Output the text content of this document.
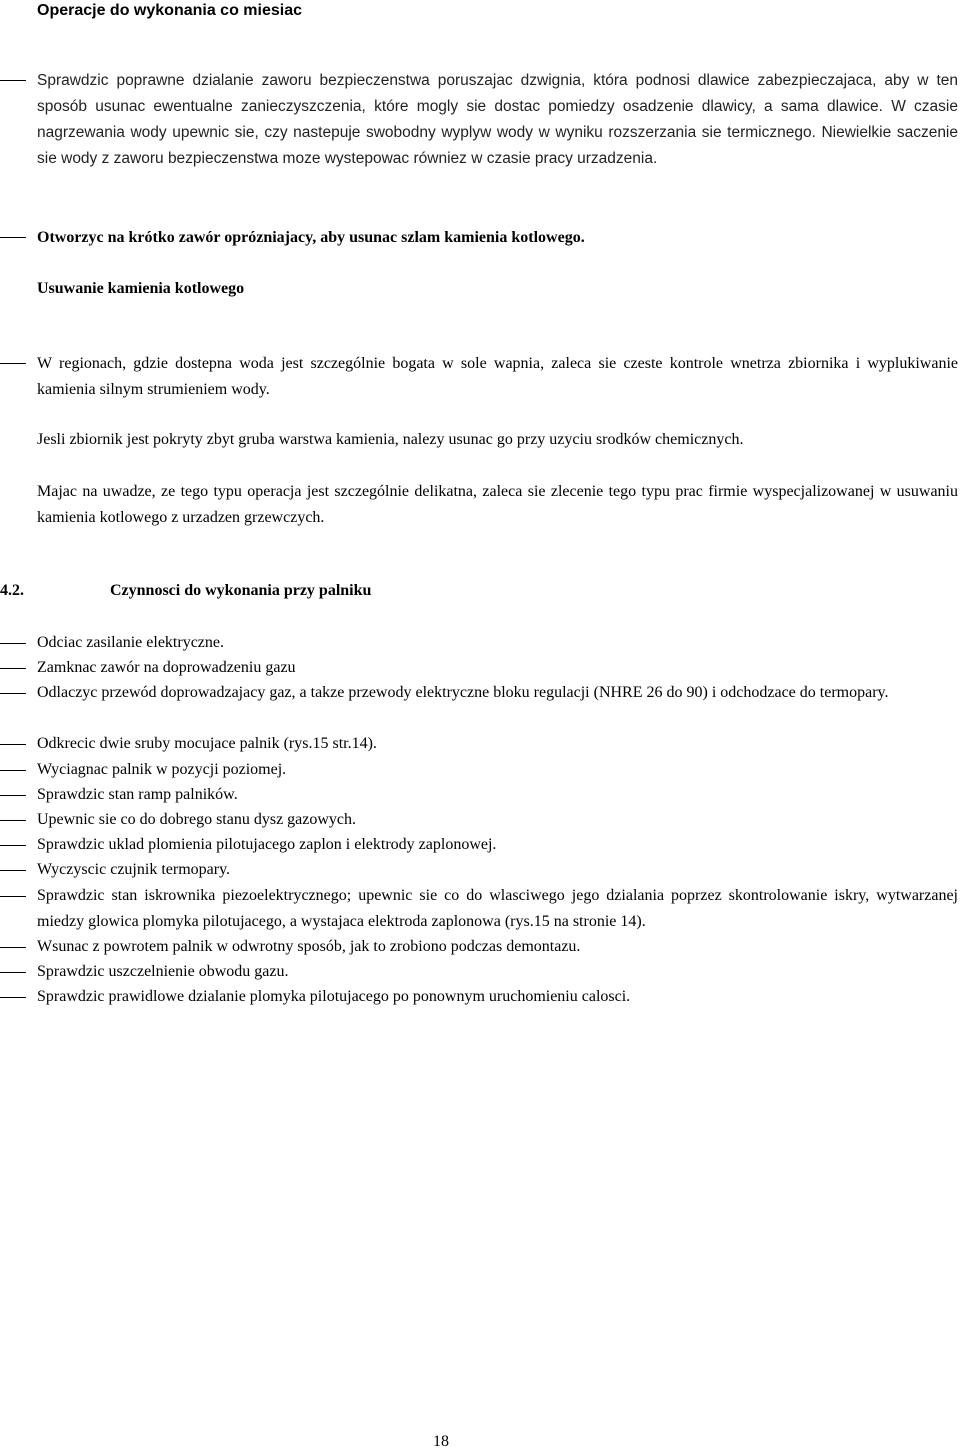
Operacje do wykonania co miesiac
Sprawdzic poprawne dzialanie zaworu bezpieczenstwa poruszajac dzwignia, która podnosi dlawice zabezpieczajaca, aby w ten sposób usunac ewentualne zanieczyszczenia, które mogly sie dostac pomiedzy osadzenie dlawicy, a sama dlawice. W czasie nagrzewania wody upewnic sie, czy nastepuje swobodny wyplyw wody w wyniku rozszerzania sie termicznego. Niewielkie saczenie sie wody z zaworu bezpieczenstwa moze wystepowac równiez w czasie pracy urzadzenia.
Otworzyc na krótko zawór oprózniajacy, aby usunac szlam kamienia kotlowego.
Usuwanie kamienia kotlowego
W regionach, gdzie dostepna woda jest szczególnie bogata w sole wapnia, zaleca sie czeste kontrole wnetrza zbiornika i wyplukiwanie kamienia silnym strumieniem wody.
Jesli zbiornik jest pokryty zbyt gruba warstwa kamienia, nalezy usunac go przy uzyciu srodków chemicznych.
Majac na uwadze, ze tego typu operacja jest szczególnie delikatna, zaleca sie zlecenie tego typu prac firmie wyspecjalizowanej w usuwaniu kamienia kotlowego z urzadzen grzewczych.
4.2.	Czynnosci do wykonania przy palniku
Odciac zasilanie elektryczne.
Zamknac zawór na doprowadzeniu gazu
Odlaczyc przewód doprowadzajacy gaz, a takze przewody elektryczne bloku regulacji (NHRE 26 do 90) i odchodzace do termopary.
Odkrecic dwie sruby mocujace palnik (rys.15 str.14).
Wyciagnac palnik w pozycji poziomej.
Sprawdzic stan ramp palników.
Upewnic sie co do dobrego stanu dysz gazowych.
Sprawdzic uklad plomienia pilotujacego zaplon i elektrody zaplonowej.
Wyczyscic czujnik termopary.
Sprawdzic stan iskrownika piezoelektrycznego; upewnic sie co do wlasciwego jego dzialania poprzez skontrolowanie iskry, wytwarzanej miedzy glowica plomyka pilotujacego, a wystajaca elektroda zaplonowa (rys.15 na stronie 14).
Wsunac z powrotem palnik w odwrotny sposób, jak to zrobiono podczas demontazu.
Sprawdzic uszczelnienie obwodu gazu.
Sprawdzic prawidlowe dzialanie plomyka pilotujacego po ponownym uruchomieniu calosci.
18
